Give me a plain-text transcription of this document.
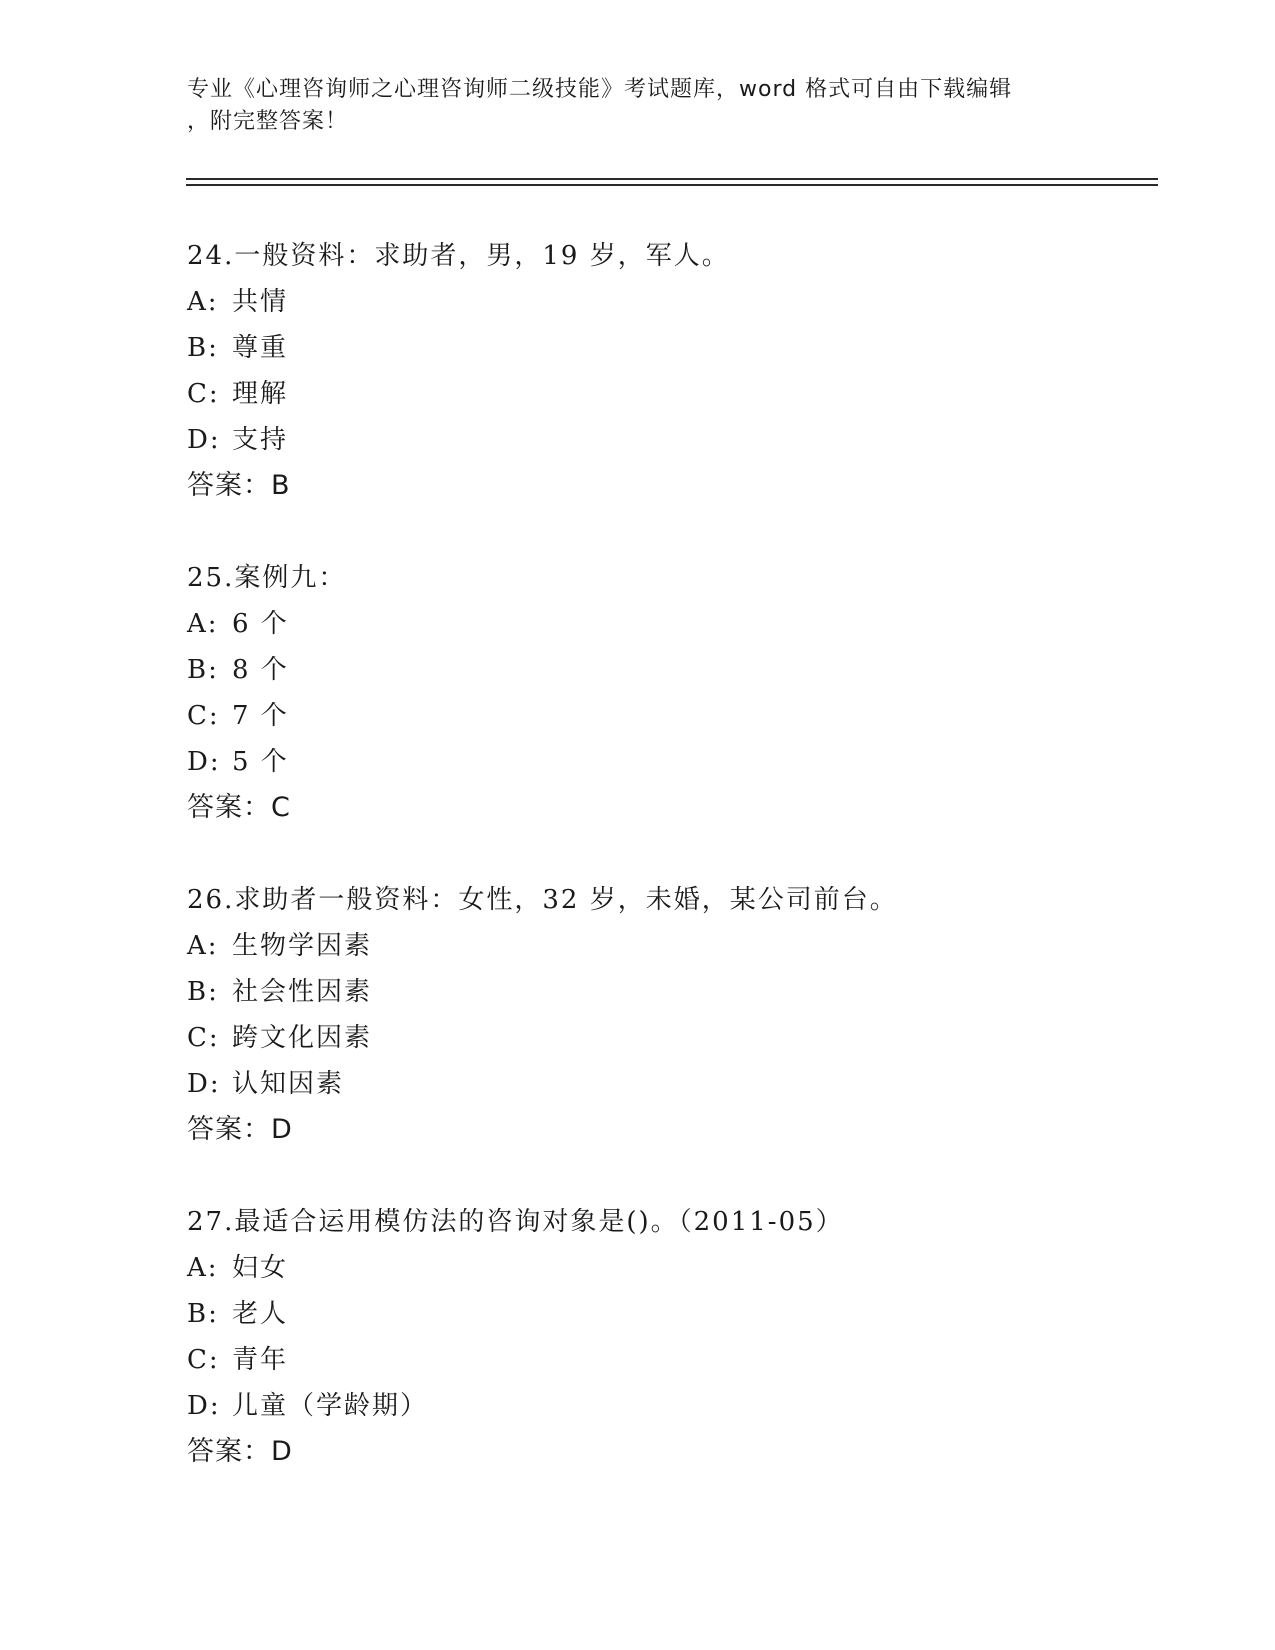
专业《心理咨询师之心理咨询师二级技能》考试题库，word 格式可自由下载编辑
，附完整答案！
24.一般资料：求助者，男，19 岁，军人。
A: 共情
B: 尊重
C: 理解
D: 支持
答案：B
25.案例九：
A: 6 个
B: 8 个
C: 7 个
D: 5 个
答案：C
26.求助者一般资料：女性，32 岁，未婚，某公司前台。
A: 生物学因素
B: 社会性因素
C: 跨文化因素
D: 认知因素
答案：D
27.最适合运用模仿法的咨询对象是()。（2011-05）
A: 妇女
B: 老人
C: 青年
D: 儿童（学龄期）
答案：D
